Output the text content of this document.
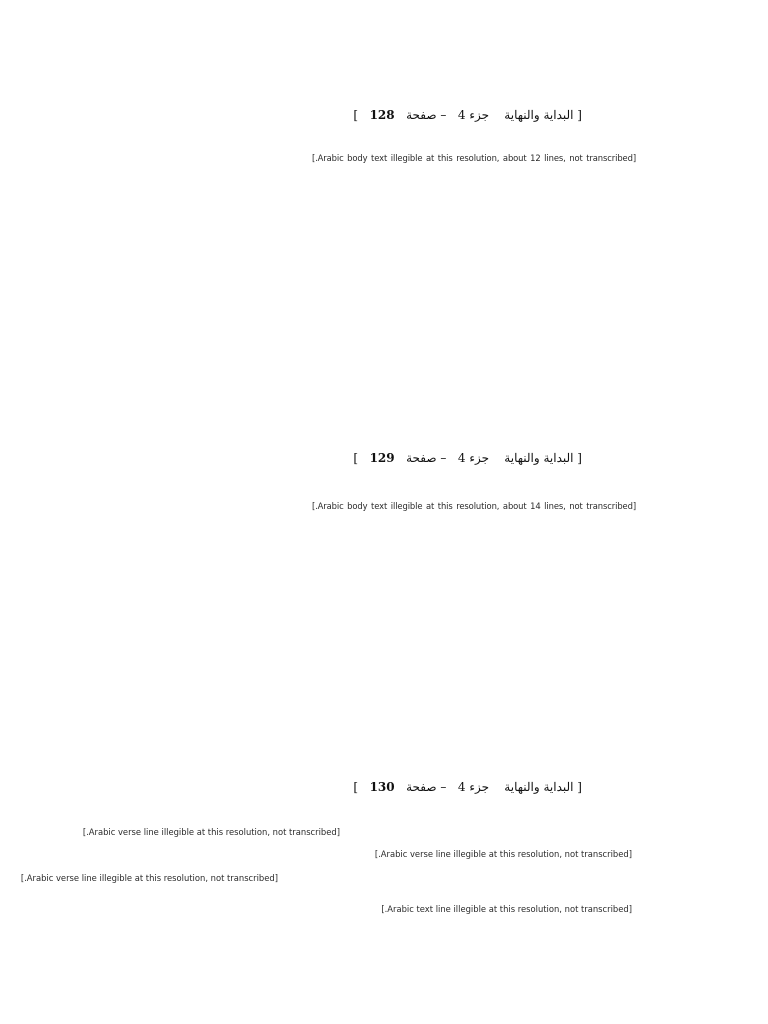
[ البداية والنهاية    جزء 4   – صفحة   128   ]
[Arabic body text illegible at this resolution, about 12 lines, not transcribed.]
[ البداية والنهاية    جزء 4   – صفحة   129   ]
[Arabic body text illegible at this resolution, about 14 lines, not transcribed.]
[ البداية والنهاية    جزء 4   – صفحة   130   ]
[Arabic verse line illegible at this resolution, not transcribed.]
[Arabic verse line illegible at this resolution, not transcribed.]
[Arabic verse line illegible at this resolution, not transcribed.]
[Arabic text line illegible at this resolution, not transcribed.]
